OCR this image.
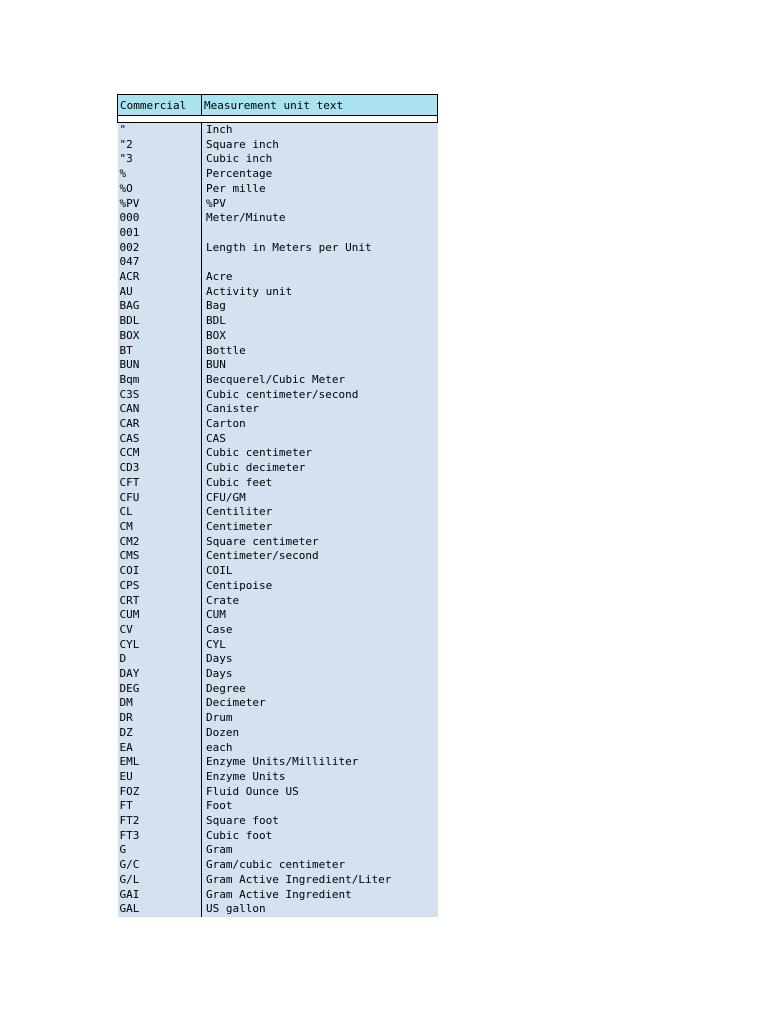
Commercial	Measurement unit text

"	Inch
"2	Square inch
"3	Cubic inch
%	Percentage
%O	Per mille
%PV	%PV
000	Meter/Minute
001	
002	Length in Meters per Unit
047	
ACR	Acre
AU	Activity unit
BAG	Bag
BDL	BDL
BOX	BOX
BT	Bottle
BUN	BUN
Bqm	Becquerel/Cubic Meter
C3S	Cubic centimeter/second
CAN	Canister
CAR	Carton
CAS	CAS
CCM	Cubic centimeter
CD3	Cubic decimeter
CFT	Cubic feet
CFU	CFU/GM
CL	Centiliter
CM	Centimeter
CM2	Square centimeter
CMS	Centimeter/second
COI	COIL
CPS	Centipoise
CRT	Crate
CUM	CUM
CV	Case
CYL	CYL
D	Days
DAY	Days
DEG	Degree
DM	Decimeter
DR	Drum
DZ	Dozen
EA	each
EML	Enzyme Units/Milliliter
EU	Enzyme Units
FOZ	Fluid Ounce US
FT	Foot
FT2	Square foot
FT3	Cubic foot
G	Gram
G/C	Gram/cubic centimeter
G/L	Gram Active Ingredient/Liter
GAI	Gram Active Ingredient
GAL	US gallon
